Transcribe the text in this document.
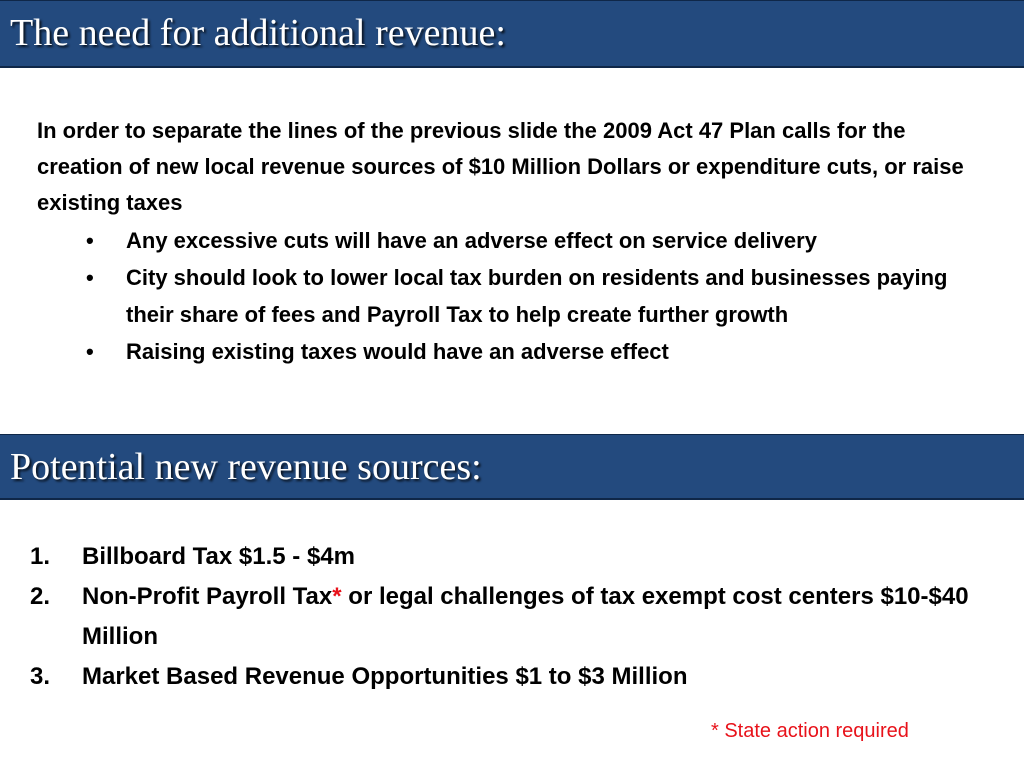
The need for additional revenue:

In order to separate the lines of the previous slide the 2009 Act 47 Plan calls for the creation of new local revenue sources of $10 Million Dollars or expenditure cuts, or raise existing taxes

•	Any excessive cuts will have an adverse effect on service delivery
•	City should look to lower local tax burden on residents and businesses paying their share of fees and Payroll Tax to help create further growth
•	Raising existing taxes would have an adverse effect
Potential new revenue sources:
1. Billboard Tax $1.5 - $4m
2. Non-Profit Payroll Tax* or legal challenges of tax exempt cost centers $10-$40 Million
3. Market Based Revenue Opportunities $1 to $3 Million

* State action required
